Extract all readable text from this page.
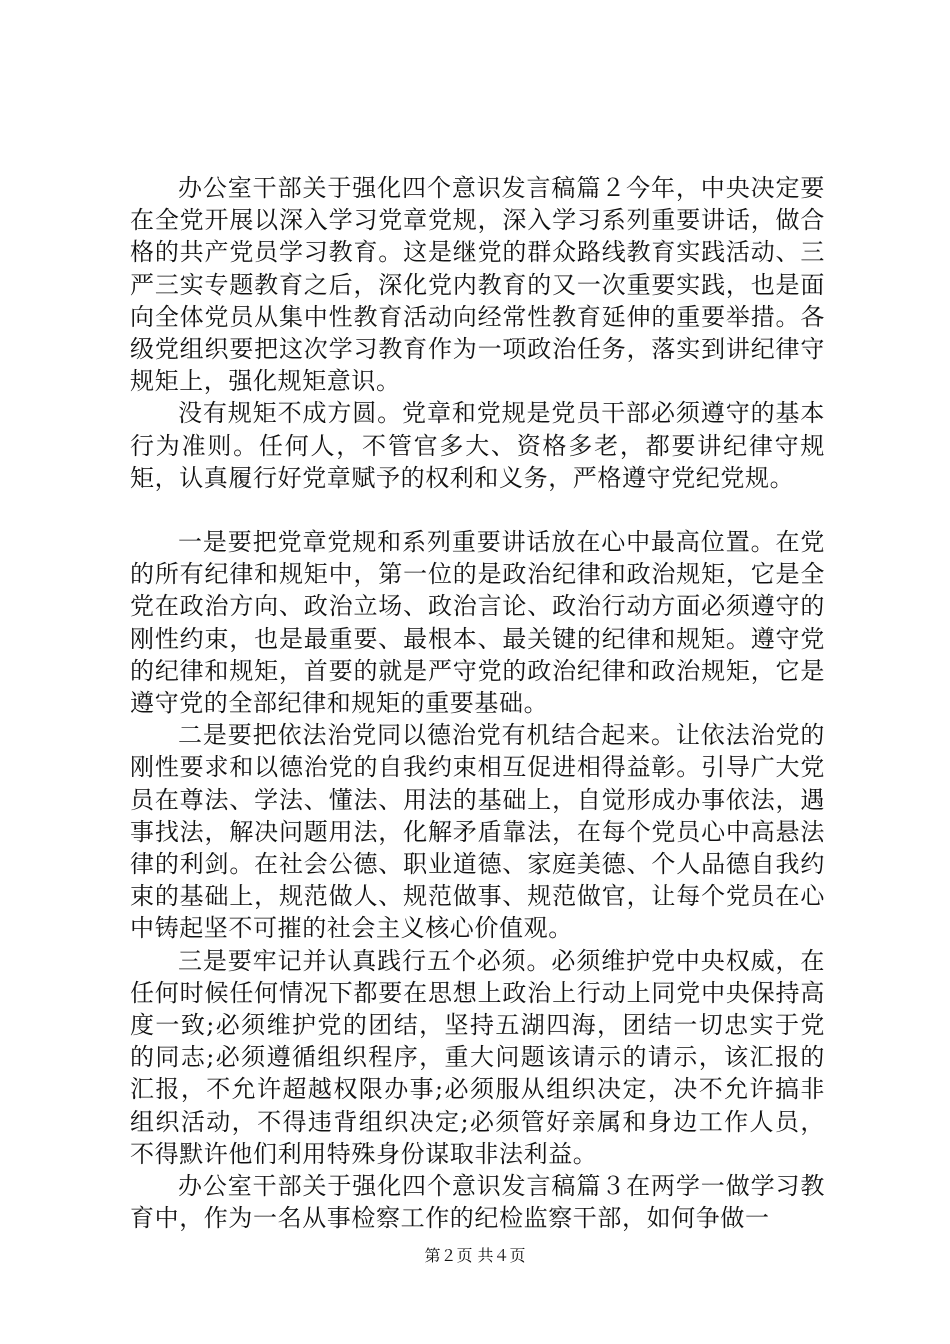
办公室干部关于强化四个意识发言稿篇２今年，中央决定要在全党开展以深入学习党章党规，深入学习系列重要讲话，做合格的共产党员学习教育。这是继党的群众路线教育实践活动、三严三实专题教育之后，深化党内教育的又一次重要实践，也是面向全体党员从集中性教育活动向经常性教育延伸的重要举措。各级党组织要把这次学习教育作为一项政治任务，落实到讲纪律守规矩上，强化规矩意识。

没有规矩不成方圆。党章和党规是党员干部必须遵守的基本行为准则。任何人，不管官多大、资格多老，都要讲纪律守规矩，认真履行好党章赋予的权利和义务，严格遵守党纪党规。

一是要把党章党规和系列重要讲话放在心中最高位置。在党的所有纪律和规矩中，第一位的是政治纪律和政治规矩，它是全党在政治方向、政治立场、政治言论、政治行动方面必须遵守的刚性约束，也是最重要、最根本、最关键的纪律和规矩。遵守党的纪律和规矩，首要的就是严守党的政治纪律和政治规矩，它是遵守党的全部纪律和规矩的重要基础。

二是要把依法治党同以德治党有机结合起来。让依法治党的刚性要求和以德治党的自我约束相互促进相得益彰。引导广大党员在尊法、学法、懂法、用法的基础上，自觉形成办事依法，遇事找法，解决问题用法，化解矛盾靠法，在每个党员心中高悬法律的利剑。在社会公德、职业道德、家庭美德、个人品德自我约束的基础上，规范做人、规范做事、规范做官，让每个党员在心中铸起坚不可摧的社会主义核心价值观。

三是要牢记并认真践行五个必须。必须维护党中央权威，在任何时候任何情况下都要在思想上政治上行动上同党中央保持高度一致;必须维护党的团结，坚持五湖四海，团结一切忠实于党的同志;必须遵循组织程序，重大问题该请示的请示，该汇报的汇报，不允许超越权限办事;必须服从组织决定，决不允许搞非组织活动，不得违背组织决定;必须管好亲属和身边工作人员，不得默许他们利用特殊身份谋取非法利益。

办公室干部关于强化四个意识发言稿篇３在两学一做学习教育中，作为一名从事检察工作的纪检监察干部，如何争做一

第２页 共４页
